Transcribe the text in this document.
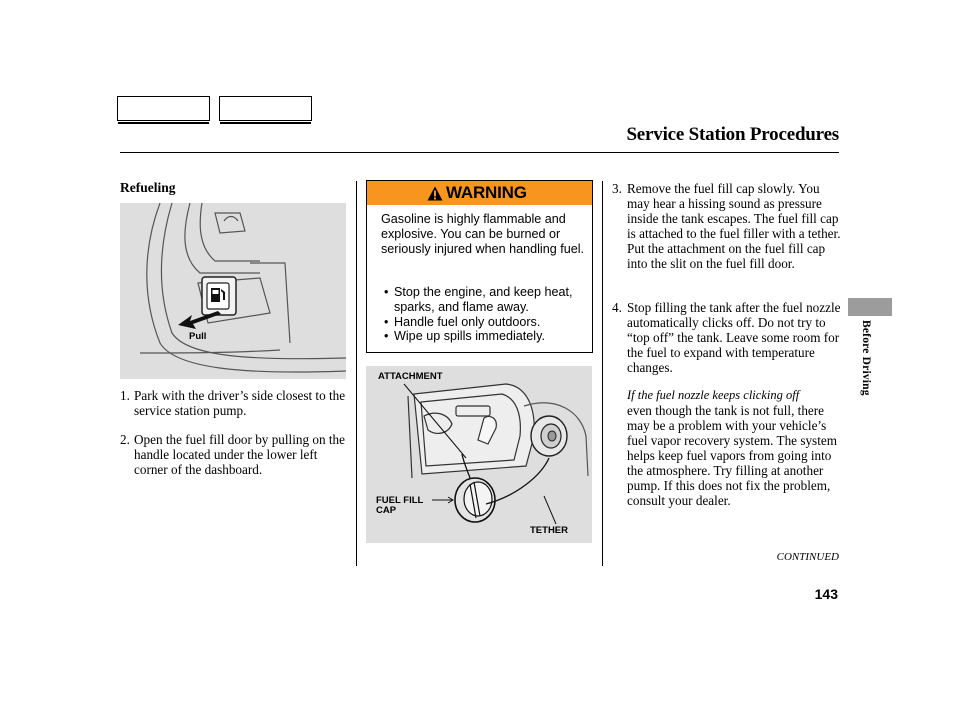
Service Station Procedures
Refueling
Pull
1. Park with the driver’s side closest to the service station pump.
2. Open the fuel fill door by pulling on the handle located under the lower left corner of the dashboard.
WARNING
Gasoline is highly flammable and explosive. You can be burned or seriously injured when handling fuel.
• Stop the engine, and keep heat, sparks, and flame away.
• Handle fuel only outdoors.
• Wipe up spills immediately.
ATTACHMENT
FUEL FILL CAP
TETHER
3. Remove the fuel fill cap slowly. You may hear a hissing sound as pressure inside the tank escapes. The fuel fill cap is attached to the fuel filler with a tether. Put the attachment on the fuel fill cap into the slit on the fuel fill door.
4. Stop filling the tank after the fuel nozzle automatically clicks off. Do not try to “top off” the tank. Leave some room for the fuel to expand with temperature changes.
If the fuel nozzle keeps clicking off
even though the tank is not full, there may be a problem with your vehicle’s fuel vapor recovery system. The system helps keep fuel vapors from going into the atmosphere. Try filling at another pump. If this does not fix the problem, consult your dealer.
Before Driving
CONTINUED
143
